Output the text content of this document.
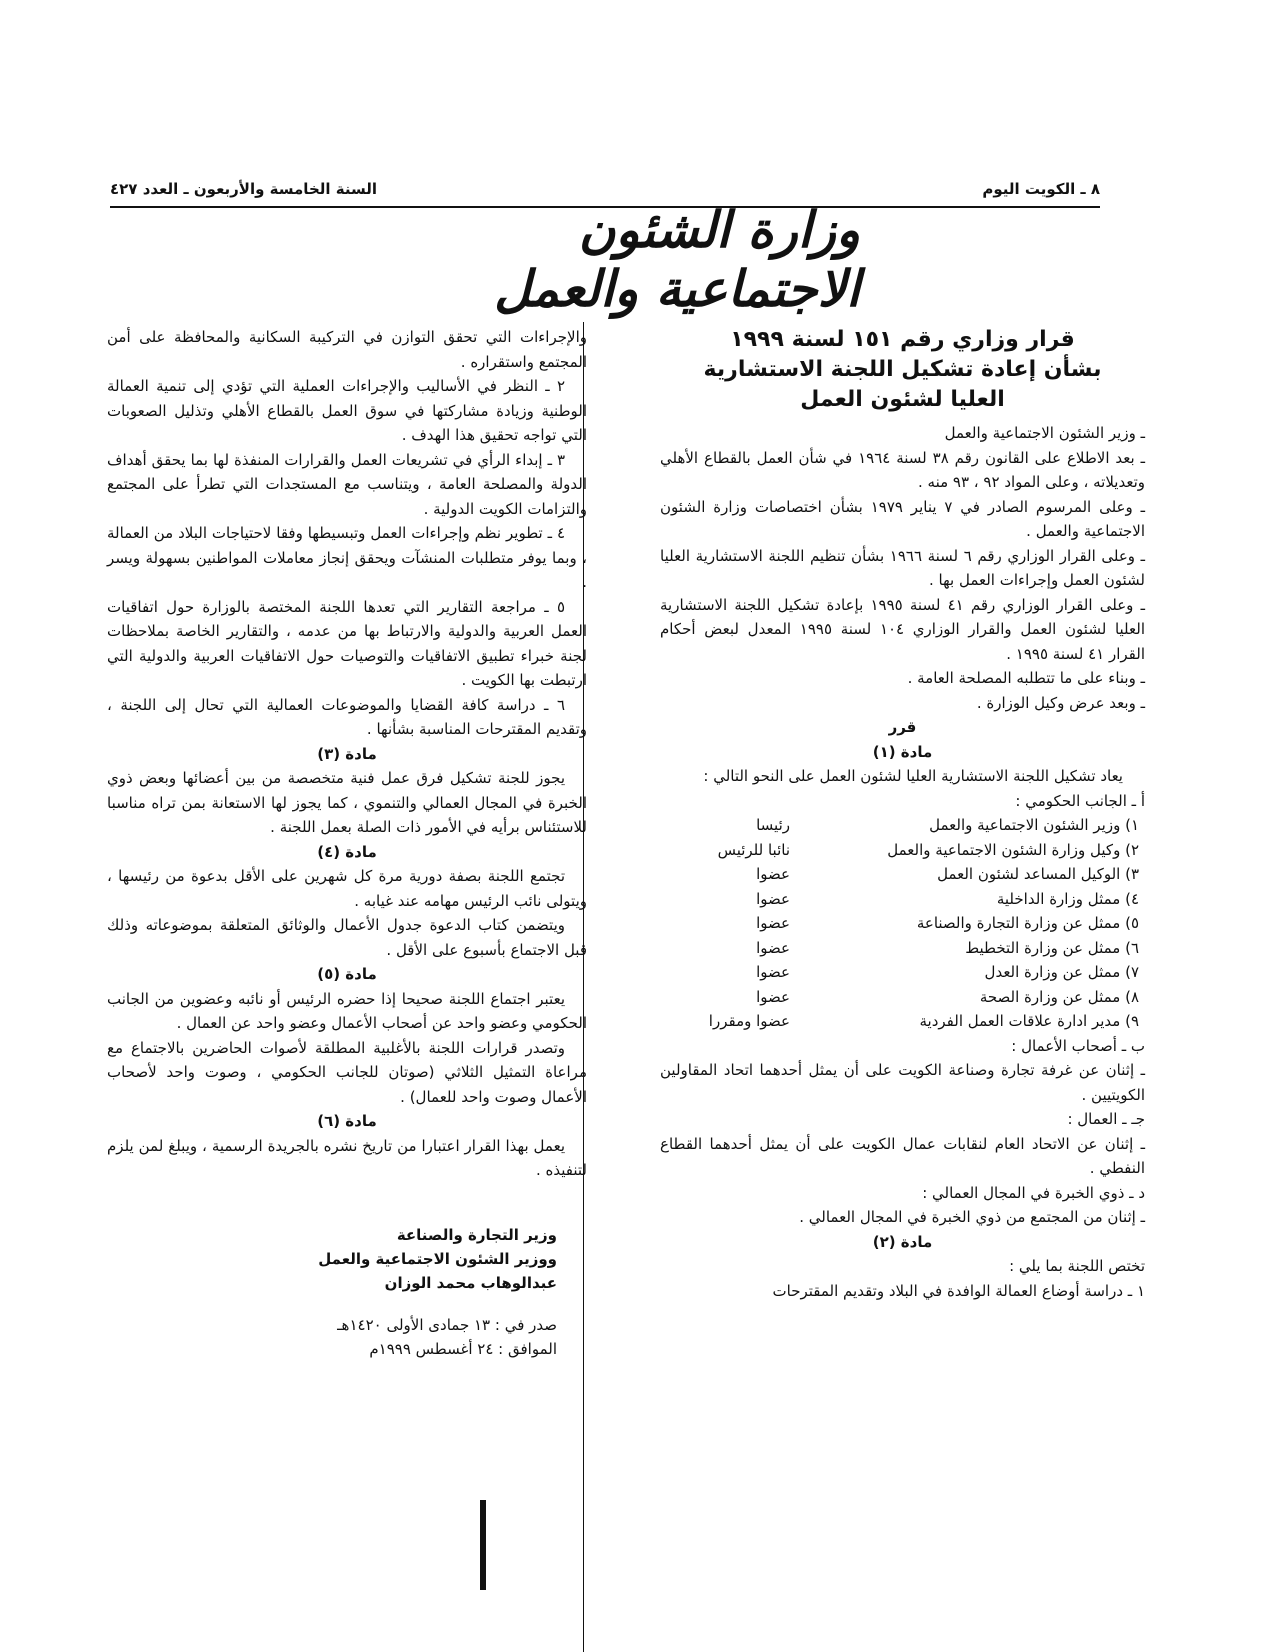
٨ ـ الكويت اليوم
السنة الخامسة والأربعون ـ العدد ٤٢٧
وزارة الشئون الاجتماعية والعمل

قرار وزاري رقم ١٥١ لسنة ١٩٩٩

بشأن إعادة تشكيل اللجنة الاستشارية

العليا لشئون العمل

ـ وزير الشئون الاجتماعية والعمل

ـ بعد الاطلاع على القانون رقم ٣٨ لسنة ١٩٦٤ في شأن العمل بالقطاع الأهلي وتعديلاته ، وعلى المواد ٩٢ ، ٩٣ منه .

ـ وعلى المرسوم الصادر في ٧ يناير ١٩٧٩ بشأن اختصاصات وزارة الشئون الاجتماعية والعمل .

ـ وعلى القرار الوزاري رقم ٦ لسنة ١٩٦٦ بشأن تنظيم اللجنة الاستشارية العليا لشئون العمل وإجراءات العمل بها .

ـ وعلى القرار الوزاري رقم ٤١ لسنة ١٩٩٥ بإعادة تشكيل اللجنة الاستشارية العليا لشئون العمل والقرار الوزاري ١٠٤ لسنة ١٩٩٥ المعدل لبعض أحكام القرار ٤١ لسنة ١٩٩٥ .

ـ وبناء على ما تتطلبه المصلحة العامة .

ـ وبعد عرض وكيل الوزارة .

قرر

مادة (١)

يعاد تشكيل اللجنة الاستشارية العليا لشئون العمل على النحو التالي :

أ ـ الجانب الحكومي :

١) وزير الشئون الاجتماعية والعمل
رئيسا

٢) وكيل وزارة الشئون الاجتماعية والعمل
نائبا للرئيس

٣) الوكيل المساعد لشئون العمل
عضوا

٤) ممثل وزارة الداخلية
عضوا

٥) ممثل عن وزارة التجارة والصناعة
عضوا

٦) ممثل عن وزارة التخطيط
عضوا

٧) ممثل عن وزارة العدل
عضوا

٨) ممثل عن وزارة الصحة
عضوا

٩) مدير ادارة علاقات العمل الفردية
عضوا ومقررا

ب ـ أصحاب الأعمال :

ـ إثنان عن غرفة تجارة وصناعة الكويت على أن يمثل أحدهما اتحاد المقاولين الكويتيين .

جـ ـ العمال :

ـ إثنان عن الاتحاد العام لنقابات عمال الكويت على أن يمثل أحدهما القطاع النفطي .

د ـ ذوي الخبرة في المجال العمالي :

ـ إثنان من المجتمع من ذوي الخبرة في المجال العمالي .

مادة (٢)

تختص اللجنة بما يلي :

١ ـ دراسة أوضاع العمالة الوافدة في البلاد وتقديم المقترحات

والإجراءات التي تحقق التوازن في التركيبة السكانية والمحافظة على أمن المجتمع واستقراره .

٢ ـ النظر في الأساليب والإجراءات العملية التي تؤدي إلى تنمية العمالة الوطنية وزيادة مشاركتها في سوق العمل بالقطاع الأهلي وتذليل الصعوبات التي تواجه تحقيق هذا الهدف .

٣ ـ إبداء الرأي في تشريعات العمل والقرارات المنفذة لها بما يحقق أهداف الدولة والمصلحة العامة ، ويتناسب مع المستجدات التي تطرأ على المجتمع والتزامات الكويت الدولية .

٤ ـ تطوير نظم وإجراءات العمل وتبسيطها وفقا لاحتياجات البلاد من العمالة ، وبما يوفر متطلبات المنشآت ويحقق إنجاز معاملات المواطنين بسهولة ويسر .

٥ ـ مراجعة التقارير التي تعدها اللجنة المختصة بالوزارة حول اتفاقيات العمل العربية والدولية والارتباط بها من عدمه ، والتقارير الخاصة بملاحظات لجنة خبراء تطبيق الاتفاقيات والتوصيات حول الاتفاقيات العربية والدولية التي ارتبطت بها الكويت .

٦ ـ دراسة كافة القضايا والموضوعات العمالية التي تحال إلى اللجنة ، وتقديم المقترحات المناسبة بشأنها .

مادة (٣)

يجوز للجنة تشكيل فرق عمل فنية متخصصة من بين أعضائها وبعض ذوي الخبرة في المجال العمالي والتنموي ، كما يجوز لها الاستعانة بمن تراه مناسبا للاستئناس برأيه في الأمور ذات الصلة بعمل اللجنة .

مادة (٤)

تجتمع اللجنة بصفة دورية مرة كل شهرين على الأقل بدعوة من رئيسها ، ويتولى نائب الرئيس مهامه عند غيابه .

ويتضمن كتاب الدعوة جدول الأعمال والوثائق المتعلقة بموضوعاته وذلك قبل الاجتماع بأسبوع على الأقل .

مادة (٥)

يعتبر اجتماع اللجنة صحيحا إذا حضره الرئيس أو نائبه وعضوين من الجانب الحكومي وعضو واحد عن أصحاب الأعمال وعضو واحد عن العمال .

وتصدر قرارات اللجنة بالأغلبية المطلقة لأصوات الحاضرين بالاجتماع مع مراعاة التمثيل الثلاثي (صوتان للجانب الحكومي ، وصوت واحد لأصحاب الأعمال وصوت واحد للعمال) .

مادة (٦)

يعمل بهذا القرار اعتبارا من تاريخ نشره بالجريدة الرسمية ، ويبلغ لمن يلزم لتنفيذه .

وزير التجارة والصناعة
ووزير الشئون الاجتماعية والعمل
عبدالوهاب محمد الوزان
صدر في : ١٣ جمادى الأولى ١٤٢٠هـ
الموافق : ٢٤ أغسطس ١٩٩٩م
